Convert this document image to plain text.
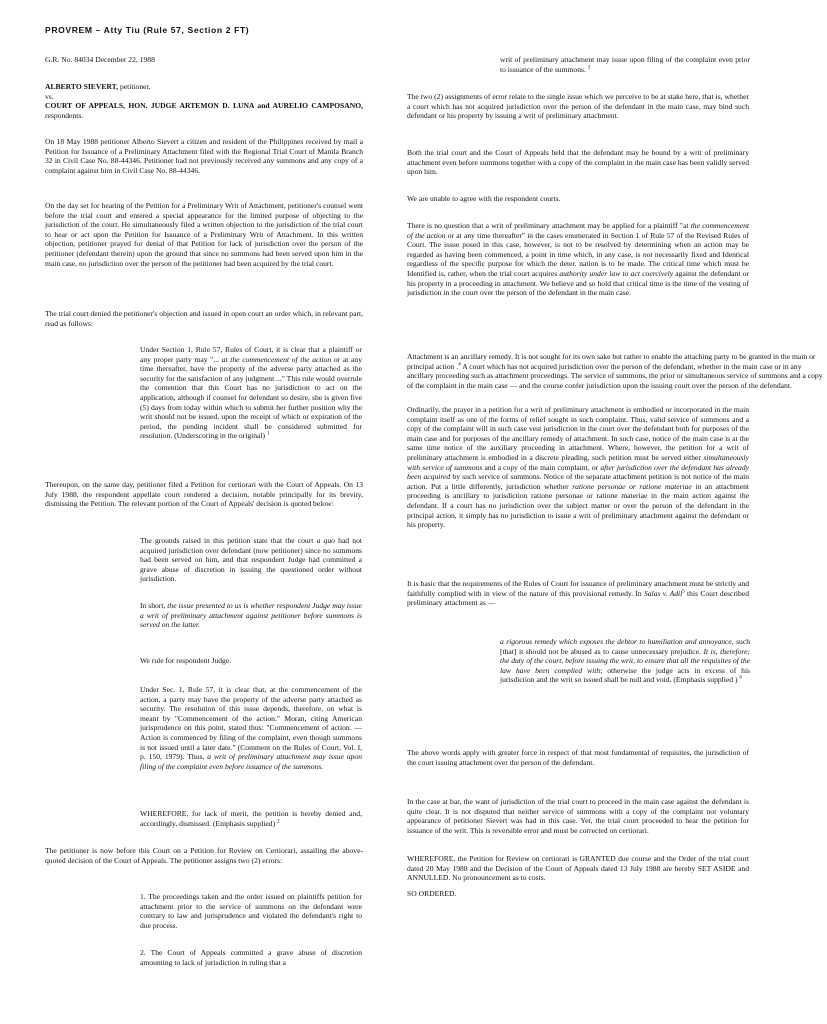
PROVREM – Atty Tiu (Rule 57, Section 2 FT)

G.R. No. 84034 December 22, 1988

ALBERTO SIEVERT, petitioner,

vs.

COURT OF APPEALS, HON. JUDGE ARTEMON D. LUNA and AURELIO CAMPOSANO, respondents.

On 18 May 1988 petitioner Alberto Sievert a citizen and resident of the Philippines received by mail a Petition for Issuance of a Preliminary Attachment filed with the Regional Trial Court of Manila Branch 32 in Civil Case No. 88-44346. Petitioner had not previously received any summons and any copy of a complaint against him in Civil Case No. 88-44346.

On the day set for hearing of the Petition for a Preliminary Writ of Attachment, petitioner's counsel went before the trial court and entered a special appearance for the limited purpose of objecting to the jurisdiction of the court. He simultaneously filed a written objection to the jurisdiction of the trial court to hear or act upon the Petition for Issuance of a Preliminary Writ of Attachment. In this written objection, petitioner prayed for denial of that Petition for lack of jurisdiction over the person of the petitioner (defendant therein) upon the ground that since no summons had been served upon him in the main case, no jurisdiction over the person of the petitioner had been acquired by the trial court.

The trial court denied the petitioner's objection and issued in open court an order which, in relevant part, read as follows:

Thereupon, on the same day, petitioner filed a Petition for certiorari with the Court of Appeals. On 13 July 1988, the respondent appellate court rendered a decision, notable principally for its brevity, dismissing the Petition. The relevant portion of the Court of Appeals' decision is quoted below:

The petitioner is now before this Court on a Petition for Review on Certiorari, assailing the above-quoted decision of the Court of Appeals. The petitioner assigns two (2) errors:

Under Section 1, Rule 57, Rules of Court, it is clear that a plaintiff or any proper party may "... at the commencement of the action or at any time thereafter, have the property of the adverse party attached as the security for the satisfaction of any judgment ..." This rule would overrule the contention that this Court has no jurisdiction to act on the application, although if counsel for defendant so desire, she is given five (5) days from today within which to submit her further position why the writ should not be issued, upon the receipt of which or expiration of the period, the pending incident shall be considered submitted for resolution. (Underscoring in the original) $^1$

The grounds raised in this petition state that the court a quo had not acquired jurisdiction over defendant (now petitioner) since no summons had been served on him, and that respondent Judge had committed a grave abuse of discretion in issuing the questioned order without jurisdiction.

In short, the issue presented to us is whether respondent Judge may issue a writ of preliminary attachment against petitioner before summons is served on the latter.

We rule for respondent Judge.

Under Sec. 1, Rule 57, it is clear that, at the commencement of the action, a party may have the property of the adverse party attached as security. The resolution of this issue depends, therefore, on what is meant by "Commencement of the action." Moran, citing American jurisprudence on this point, stated thus: "Commencement of action. — Action is commenced by filing of the complaint, even though summons is not issued until a later date." (Comment on the Rules of Court, Vol. I, p. 150, 1979). Thus, a writ of preliminary attachment may issue upon filing of the complaint even before issuance of the summons.

WHEREFORE, for lack of merit, the petition is hereby denied and, accordingly, dismissed. (Emphasis supplied) $^2$

1. The proceedings taken and the order issued on plaintiffs petition for attachment prior to the service of summons on the defendant were contrary to law and jurisprudence and violated the defendant's right to due process.

2. The Court of Appeals committed a grave abuse of discretion amounting to lack of jurisdiction in ruling that a

writ of preliminary attachment may issue upon filing of the complaint even prior to issuance of the summons. $^3$

The two (2) assignments of error relate to the single issue which we perceive to be at stake here, that is, whether a court which has not acquired jurisdiction over the person of the defendant in the main case, may bind such defendant or his property by issuing a writ of preliminary attachment.

Both the trial court and the Court of Appeals held that the defendant may be bound by a writ of preliminary attachment even before summons together with a copy of the complaint in the main case has been validly served upon him.

We are unable to agree with the respondent courts.

There is no question that a writ of preliminary attachment may be applied for a plaintiff "at the commencement of the action or at any time thereafter" in the cases enumerated in Section 1 of Rule 57 of the Revised Rules of Court. The issue posed in this case, however, is not to be resolved by determining when an action may be regarded as having been commenced, a point in time which, in any case, is not necessarily fixed and Identical regardless of the specific purpose for which the deter. nation is to be made. The critical time which must be Identified is, rather, when the trial court acquires authority under law to act coercively against the defendant or his property in a proceeding in attachment. We believe and so hold that critical time is the time of the vesting of jurisdiction in the court over the person of the defendant in the main case.

Attachment is an ancillary remedy. It is not sought for its own sake but rather to enable the attaching party to be granted in the main or principal action .$^4$ A court which has not acquired jurisdiction over the person of the defendant, whether in the main case or in any ancillary proceeding such as attachment proceedings. The service of summons, the prior or simultaneous service of summons and a copy of the complaint in the main case — and the course confer jurisdiction upon the issuing court over the person of the defendant.

Ordinarily, the prayer in a petition for a writ of preliminary attachment is embodied or incorporated in the main complaint itself as one of the forms of relief sought in such complaint. Thus, valid service of summons and a copy of the complaint will in such case vest jurisdiction in the court over the defendant both for purposes of the main case and for purposes of the ancillary remedy of attachment. In such case, notice of the main case is at the same time notice of the auxiliary proceeding in attachment. Where, however, the petition for a writ of preliminary attachment is embodied in a discrete pleading, such petition must be served either simultaneously with service of summons and a copy of the main complaint, or after jurisdiction over the defendant has already been acquired by such service of summons. Notice of the separate attachment petition is not notice of the main action. Put a little differently, jurisdiction whether ratione personae or ratione materiae in an attachment proceeding is ancillary to jurisdiction ratione personae or ratione materiae in the main action against the defendant. If a court has no jurisdiction over the subject matter or over the person of the defendant in the principal action, it simply has no jurisdiction to issue a writ of preliminary attachment against the defendant or his property.

It is basic that the requirements of the Rules of Court for issuance of preliminary attachment must be strictly and faithfully complied with in view of the nature of this provisional remedy. In Salas v. Adil$^5$ this Court described preliminary attachment as —

The above words apply with greater force in respect of that most fundamental of requisites, the jurisdiction of the court issuing attachment over the person of the defendant.

In the case at bar, the want of jurisdiction of the trial court to proceed in the main case against the defendant is quite clear. It is not disputed that neither service of summons with a copy of the complaint nor voluntary appearance of petitioner Sievert was had in this case. Yet, the trial court proceeded to hear the petition for issuance of the writ. This is reversible error and must be corrected on certiorari.

WHEREFORE, the Petition for Review on certiorari is GRANTED due course and the Order of the trial court dated 20 May 1988 and the Decision of the Court of Appeals dated 13 July 1988 are hereby SET ASIDE and ANNULLED. No pronouncement as to costs.

SO ORDERED.

a rigorous remedy which exposes the debtor to humiliation and annoyance, such [that] it should not be abused as to cause unnecessary prejudice. It is, therefore; the duty of the court, before issuing the writ, to ensure that all the requisites of the law have been complied with; otherwise the judge acts in excess of his jurisdiction and the writ so issued shall be null and void. (Emphasis supplied ) $^6$
